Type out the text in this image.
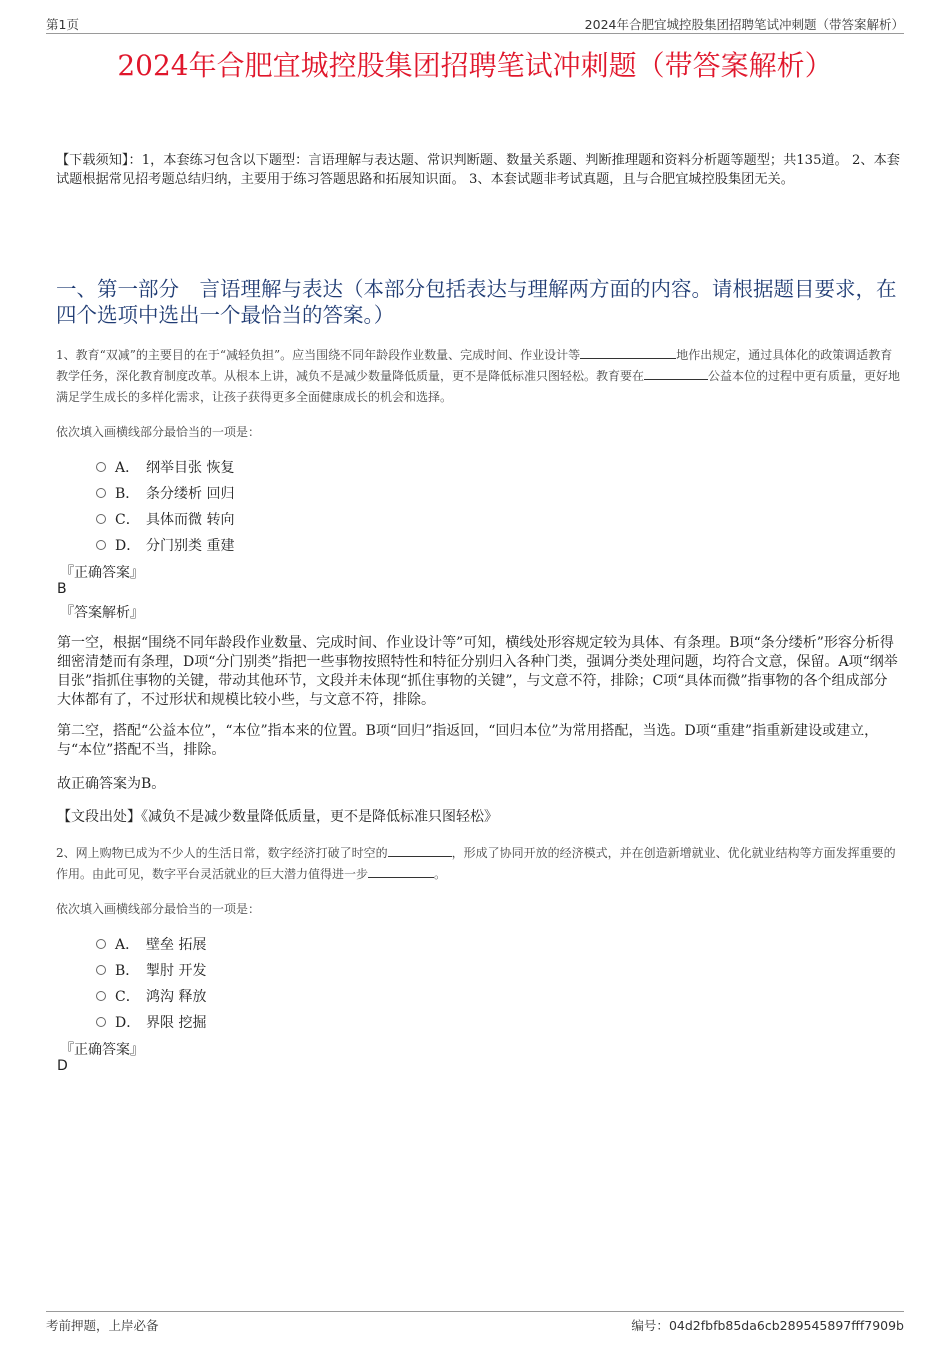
第1页	2024年合肥宜城控股集团招聘笔试冲刺题（带答案解析）
2024年合肥宜城控股集团招聘笔试冲刺题（带答案解析）
【下载须知】：1，本套练习包含以下题型：言语理解与表达题、常识判断题、数量关系题、判断推理题和资料分析题等题型；共135道。 2、本套试题根据常见招考题总结归纳，主要用于练习答题思路和拓展知识面。 3、本套试题非考试真题，且与合肥宜城控股集团无关。
一、第一部分　言语理解与表达（本部分包括表达与理解两方面的内容。请根据题目要求，在四个选项中选出一个最恰当的答案。）
1、教育“双减”的主要目的在于“减轻负担”。应当围绕不同年龄段作业数量、完成时间、作业设计等	地作出规定，通过具体化的政策调适教育教学任务，深化教育制度改革。从根本上讲，减负不是减少数量降低质量，更不是降低标准只图轻松。教育要在	公益本位的过程中更有质量，更好地满足学生成长的多样化需求，让孩子获得更多全面健康成长的机会和选择。
依次填入画横线部分最恰当的一项是：
A． 纲举目张 恢复
B． 条分缕析 回归
C． 具体而微 转向
D． 分门别类 重建
『正确答案』
B
『答案解析』
第一空，根据“围绕不同年龄段作业数量、完成时间、作业设计等”可知，横线处形容规定较为具体、有条理。B项“条分缕析”形容分析得细密清楚而有条理，D项“分门别类”指把一些事物按照特性和特征分别归入各种门类，强调分类处理问题，均符合文意，保留。A项“纲举目张”指抓住事物的关键，带动其他环节，文段并未体现“抓住事物的关键”，与文意不符，排除；C项“具体而微”指事物的各个组成部分大体都有了，不过形状和规模比较小些，与文意不符，排除。
第二空，搭配“公益本位”，“本位”指本来的位置。B项“回归”指返回，“回归本位”为常用搭配，当选。D项“重建”指重新建设或建立，与“本位”搭配不当，排除。
故正确答案为B。
【文段出处】《减负不是减少数量降低质量，更不是降低标准只图轻松》
2、网上购物已成为不少人的生活日常，数字经济打破了时空的	，形成了协同开放的经济模式，并在创造新增就业、优化就业结构等方面发挥重要的作用。由此可见，数字平台灵活就业的巨大潜力值得进一步	。
依次填入画横线部分最恰当的一项是：
A． 壁垒 拓展
B． 掣肘 开发
C． 鸿沟 释放
D． 界限 挖掘
『正确答案』
D
考前押题，上岸必备	编号：04d2fbfb85da6cb289545897fff7909b
